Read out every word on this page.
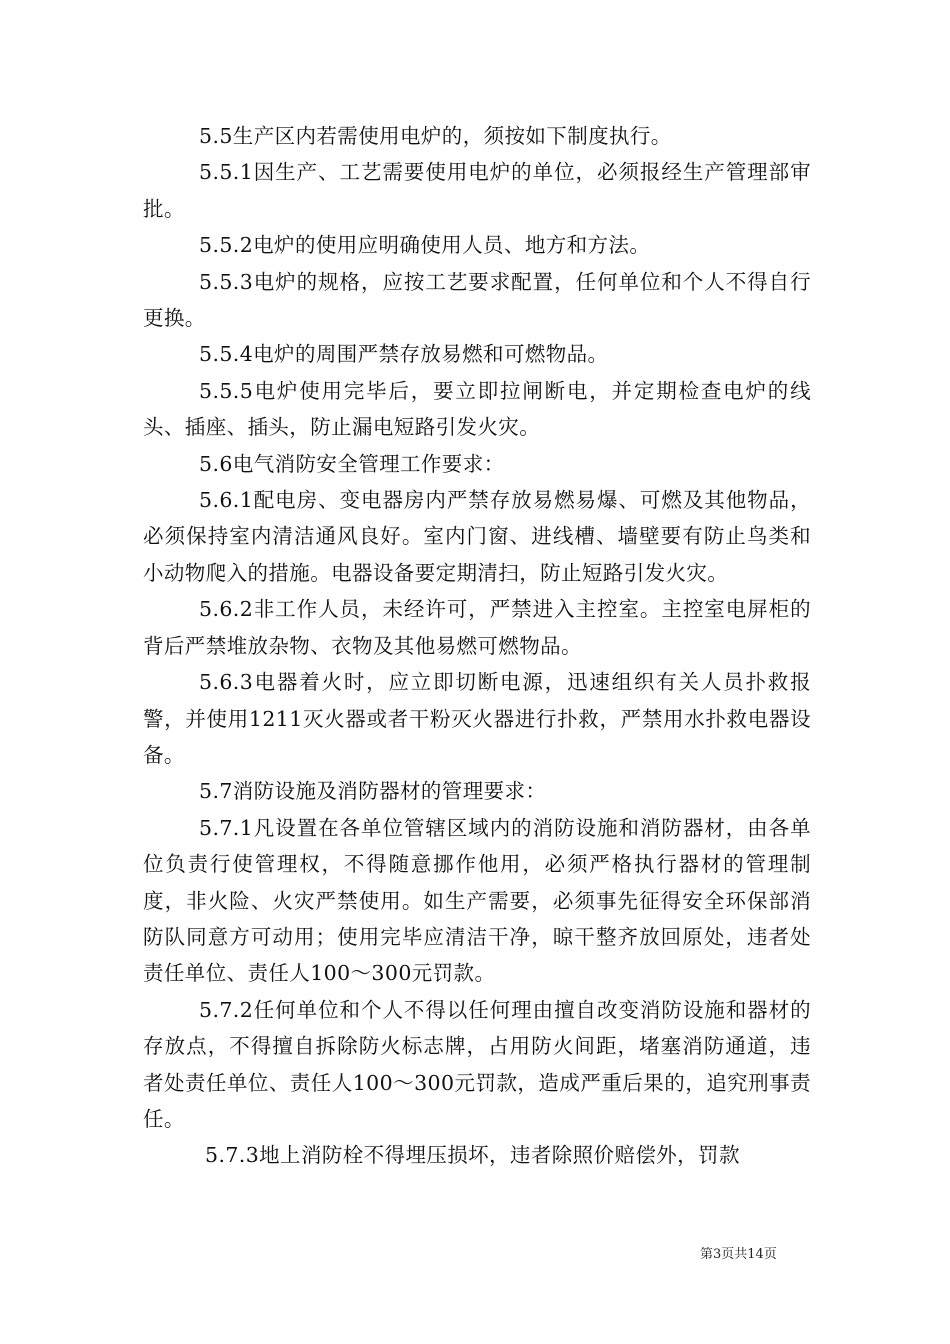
5.5生产区内若需使用电炉的，须按如下制度执行。

5.5.1因生产、工艺需要使用电炉的单位，必须报经生产管理部审批。

5.5.2电炉的使用应明确使用人员、地方和方法。

5.5.3电炉的规格，应按工艺要求配置，任何单位和个人不得自行更换。

5.5.4电炉的周围严禁存放易燃和可燃物品。

5.5.5电炉使用完毕后，要立即拉闸断电，并定期检查电炉的线头、插座、插头，防止漏电短路引发火灾。

5.6电气消防安全管理工作要求：

5.6.1配电房、变电器房内严禁存放易燃易爆、可燃及其他物品，必须保持室内清洁通风良好。室内门窗、进线槽、墙壁要有防止鸟类和小动物爬入的措施。电器设备要定期清扫，防止短路引发火灾。

5.6.2非工作人员，未经许可，严禁进入主控室。主控室电屏柜的背后严禁堆放杂物、衣物及其他易燃可燃物品。

5.6.3电器着火时，应立即切断电源，迅速组织有关人员扑救报警，并使用1211灭火器或者干粉灭火器进行扑救，严禁用水扑救电器设备。

5.7消防设施及消防器材的管理要求：

5.7.1凡设置在各单位管辖区域内的消防设施和消防器材，由各单位负责行使管理权，不得随意挪作他用，必须严格执行器材的管理制度，非火险、火灾严禁使用。如生产需要，必须事先征得安全环保部消防队同意方可动用；使用完毕应清洁干净，晾干整齐放回原处，违者处责任单位、责任人100～300元罚款。

5.7.2任何单位和个人不得以任何理由擅自改变消防设施和器材的存放点，不得擅自拆除防火标志牌，占用防火间距，堵塞消防通道，违者处责任单位、责任人100～300元罚款，造成严重后果的，追究刑事责任。

5.7.3地上消防栓不得埋压损坏，违者除照价赔偿外，罚款

第3页共14页
